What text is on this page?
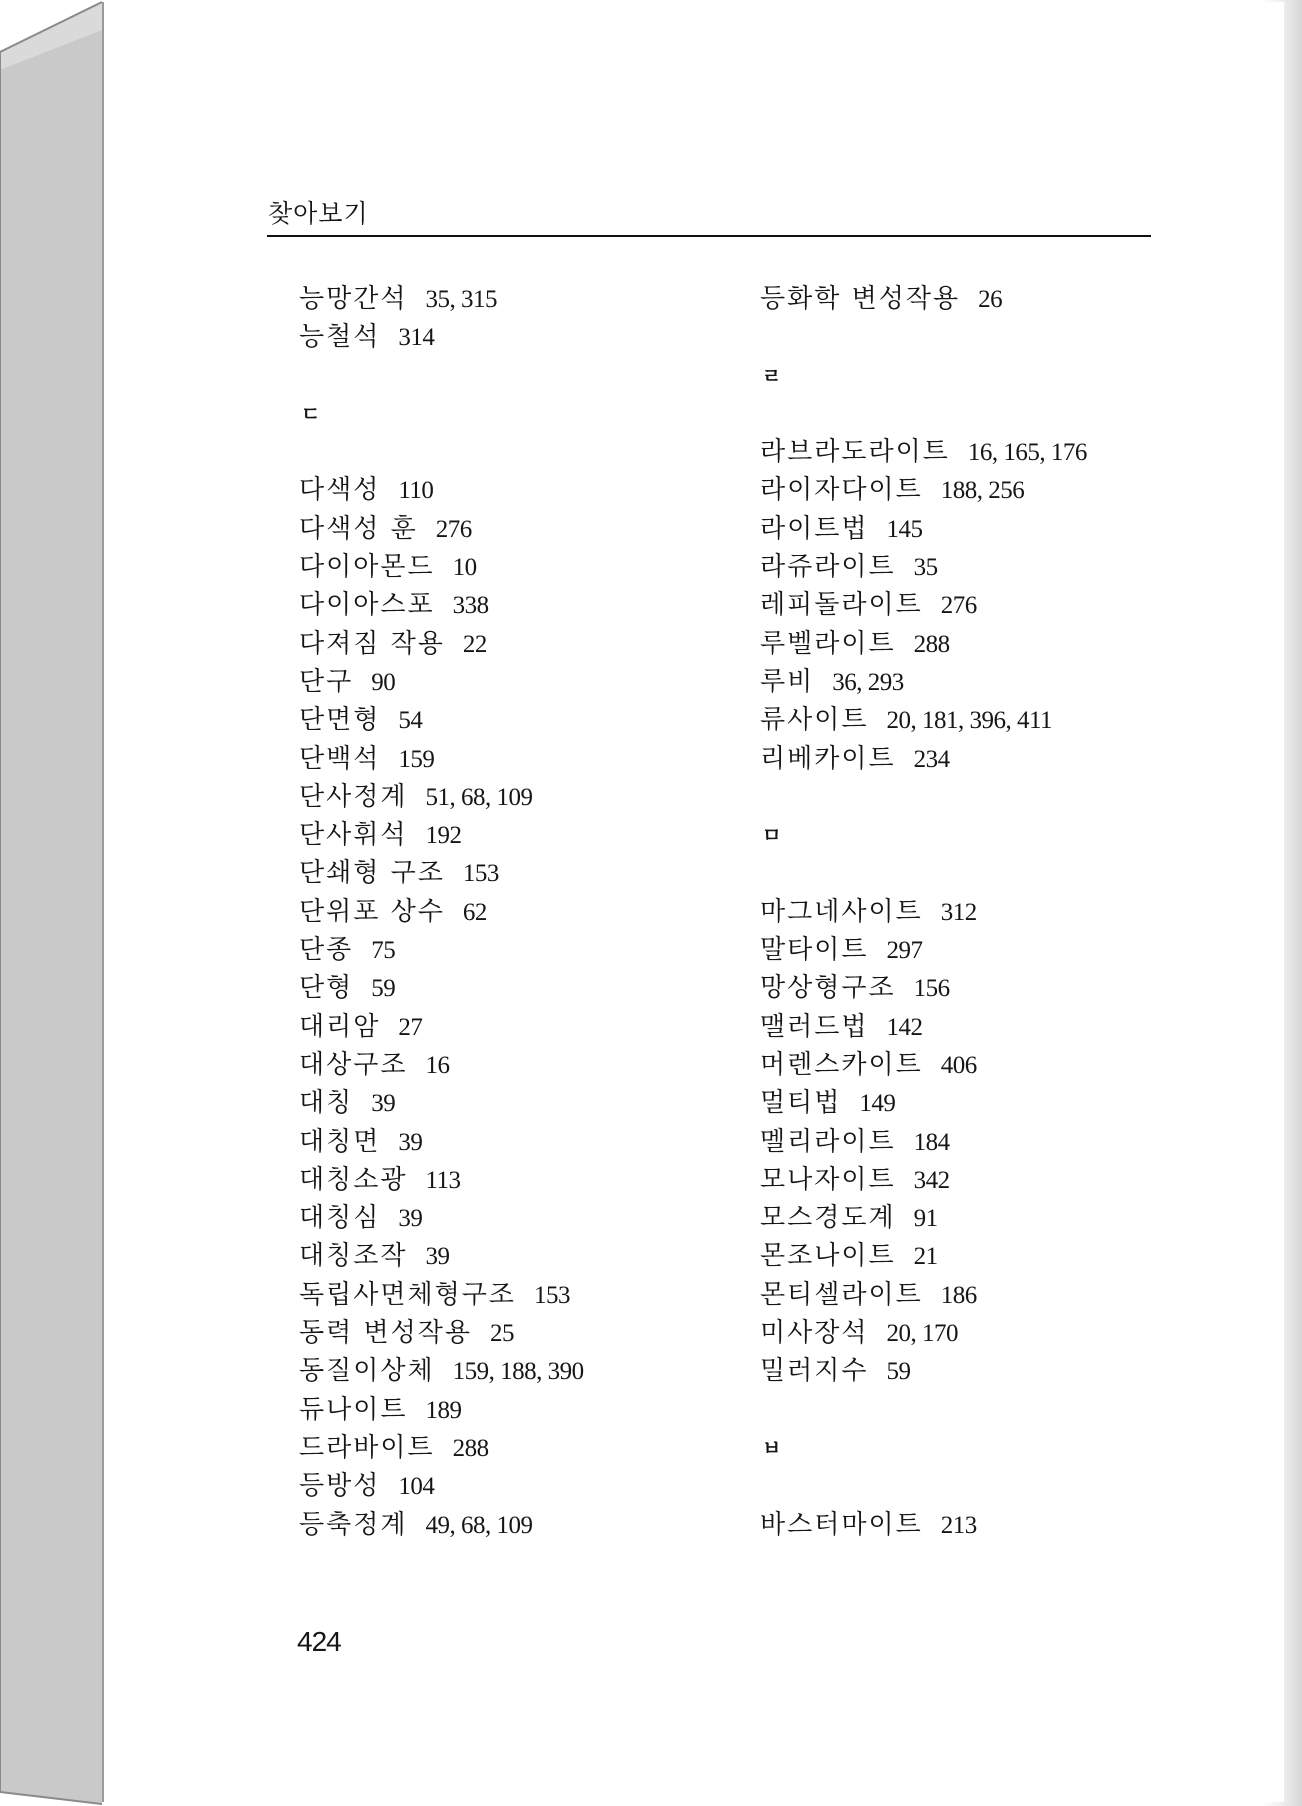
찾아보기
능망간석 35, 315
능철석 314
ㄷ
다색성 110
다색성 훈 276
다이아몬드 10
다이아스포 338
다져짐 작용 22
단구 90
단면형 54
단백석 159
단사정계 51, 68, 109
단사휘석 192
단쇄형 구조 153
단위포 상수 62
단종 75
단형 59
대리암 27
대상구조 16
대칭 39
대칭면 39
대칭소광 113
대칭심 39
대칭조작 39
독립사면체형구조 153
동력 변성작용 25
동질이상체 159, 188, 390
듀나이트 189
드라바이트 288
등방성 104
등축정계 49, 68, 109
등화학 변성작용 26
ㄹ
라브라도라이트 16, 165, 176
라이자다이트 188, 256
라이트법 145
라쥬라이트 35
레피돌라이트 276
루벨라이트 288
루비 36, 293
류사이트 20, 181, 396, 411
리베카이트 234
ㅁ
마그네사이트 312
말타이트 297
망상형구조 156
맬러드법 142
머렌스카이트 406
멀티법 149
멜리라이트 184
모나자이트 342
모스경도계 91
몬조나이트 21
몬티셀라이트 186
미사장석 20, 170
밀러지수 59
ㅂ
바스터마이트 213
424
